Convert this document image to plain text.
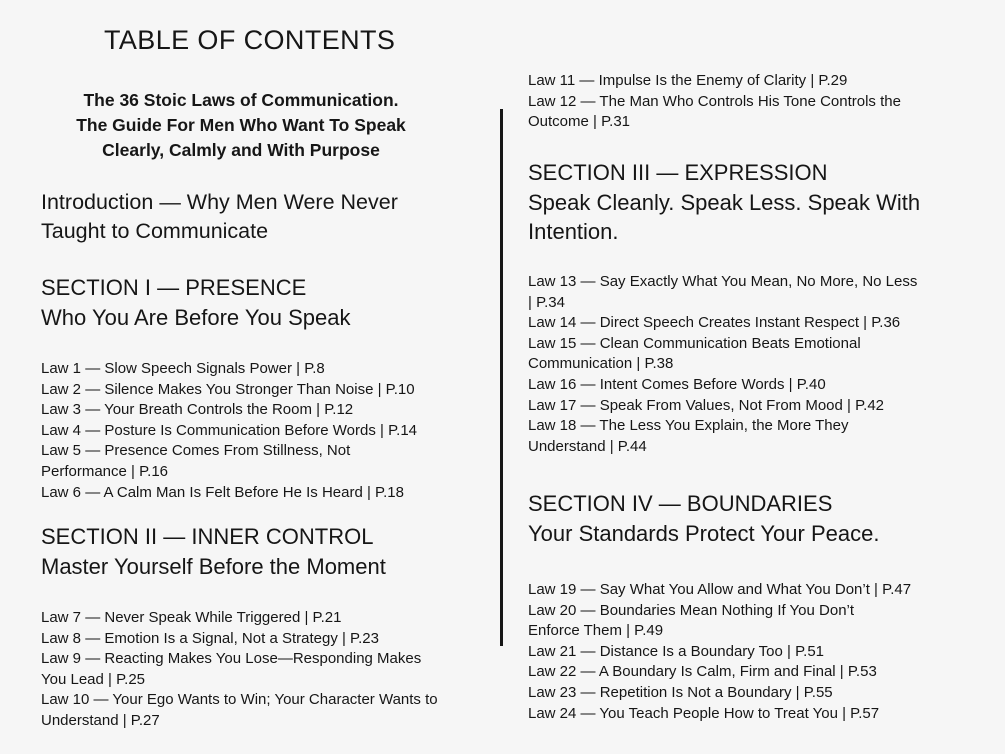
TABLE OF CONTENTS
The 36 Stoic Laws of Communication.
The Guide For Men Who Want To Speak
Clearly, Calmly and With Purpose
Introduction — Why Men Were Never
Taught to Communicate
SECTION I — PRESENCE
Who You Are Before You Speak
Law 1 — Slow Speech Signals Power | P.8
Law 2 — Silence Makes You Stronger Than Noise | P.10
Law 3 — Your Breath Controls the Room | P.12
Law 4 — Posture Is Communication Before Words | P.14
Law 5 — Presence Comes From Stillness, Not Performance | P.16
Law 6 — A Calm Man Is Felt Before He Is Heard | P.18
SECTION II — INNER CONTROL
Master Yourself Before the Moment
Law 7 — Never Speak While Triggered | P.21
Law 8 — Emotion Is a Signal, Not a Strategy | P.23
Law 9 — Reacting Makes You Lose—Responding Makes You Lead | P.25
Law 10 — Your Ego Wants to Win; Your Character Wants to Understand | P.27
Law 11 — Impulse Is the Enemy of Clarity | P.29
Law 12 — The Man Who Controls His Tone Controls the Outcome | P.31
SECTION III — EXPRESSION
Speak Cleanly. Speak Less. Speak With Intention.
Law 13 — Say Exactly What You Mean, No More, No Less | P.34
Law 14 — Direct Speech Creates Instant Respect | P.36
Law 15 — Clean Communication Beats Emotional Communication | P.38
Law 16 — Intent Comes Before Words | P.40
Law 17 — Speak From Values, Not From Mood | P.42
Law 18 — The Less You Explain, the More They Understand | P.44
SECTION IV — BOUNDARIES
Your Standards Protect Your Peace.
Law 19 — Say What You Allow and What You Don’t | P.47
Law 20 — Boundaries Mean Nothing If You Don’t Enforce Them | P.49
Law 21 — Distance Is a Boundary Too | P.51
Law 22 — A Boundary Is Calm, Firm and Final | P.53
Law 23 — Repetition Is Not a Boundary | P.55
Law 24 — You Teach People How to Treat You | P.57
